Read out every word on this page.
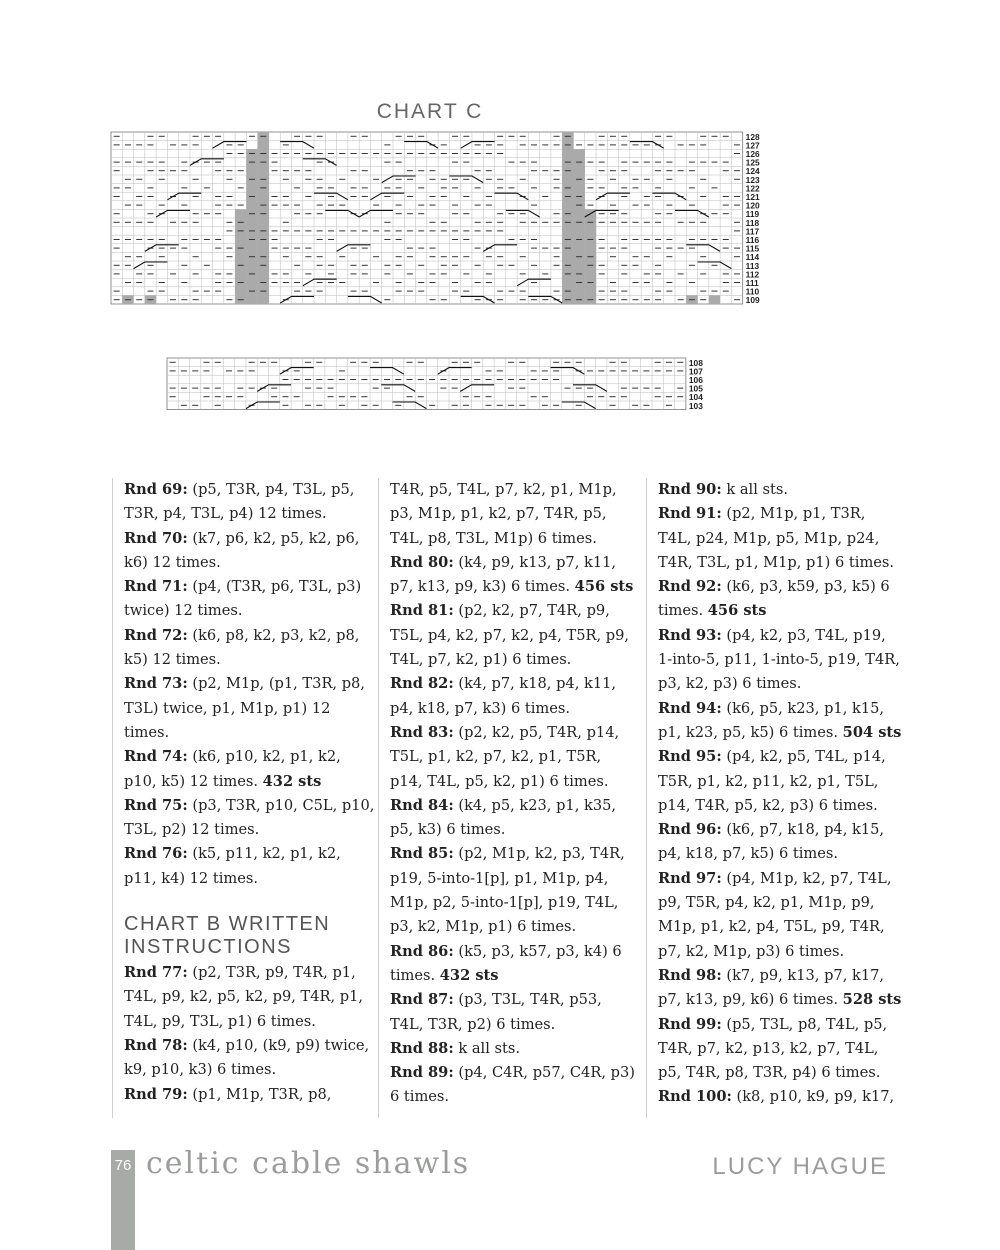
CHART C
128
127
126
125
124
123
122
121
120
119
118
117
116
115
114
113
112
111
110
109
108
107
106
105
104
103
Rnd 69: (p5, T3R, p4, T3L, p5, T3R, p4, T3L, p4) 12 times.
Rnd 70: (k7, p6, k2, p5, k2, p6, k6) 12 times.
Rnd 71: (p4, (T3R, p6, T3L, p3) twice) 12 times.
Rnd 72: (k6, p8, k2, p3, k2, p8, k5) 12 times.
Rnd 73: (p2, M1p, (p1, T3R, p8, T3L) twice, p1, M1p, p1) 12 times.
Rnd 74: (k6, p10, k2, p1, k2, p10, k5) 12 times. 432 sts
Rnd 75: (p3, T3R, p10, C5L, p10, T3L, p2) 12 times.
Rnd 76: (k5, p11, k2, p1, k2, p11, k4) 12 times.
CHART B WRITTEN INSTRUCTIONS
Rnd 77: (p2, T3R, p9, T4R, p1, T4L, p9, k2, p5, k2, p9, T4R, p1, T4L, p9, T3L, p1) 6 times.
Rnd 78: (k4, p10, (k9, p9) twice, k9, p10, k3) 6 times.
Rnd 79: (p1, M1p, T3R, p8,
T4R, p5, T4L, p7, k2, p1, M1p, p3, M1p, p1, k2, p7, T4R, p5, T4L, p8, T3L, M1p) 6 times.
Rnd 80: (k4, p9, k13, p7, k11, p7, k13, p9, k3) 6 times. 456 sts
Rnd 81: (p2, k2, p7, T4R, p9, T5L, p4, k2, p7, k2, p4, T5R, p9, T4L, p7, k2, p1) 6 times.
Rnd 82: (k4, p7, k18, p4, k11, p4, k18, p7, k3) 6 times.
Rnd 83: (p2, k2, p5, T4R, p14, T5L, p1, k2, p7, k2, p1, T5R, p14, T4L, p5, k2, p1) 6 times.
Rnd 84: (k4, p5, k23, p1, k35, p5, k3) 6 times.
Rnd 85: (p2, M1p, k2, p3, T4R, p19, 5-into-1[p], p1, M1p, p4, M1p, p2, 5-into-1[p], p19, T4L, p3, k2, M1p, p1) 6 times.
Rnd 86: (k5, p3, k57, p3, k4) 6 times. 432 sts
Rnd 87: (p3, T3L, T4R, p53, T4L, T3R, p2) 6 times.
Rnd 88: k all sts.
Rnd 89: (p4, C4R, p57, C4R, p3) 6 times.
Rnd 90: k all sts.
Rnd 91: (p2, M1p, p1, T3R, T4L, p24, M1p, p5, M1p, p24, T4R, T3L, p1, M1p, p1) 6 times.
Rnd 92: (k6, p3, k59, p3, k5) 6 times. 456 sts
Rnd 93: (p4, k2, p3, T4L, p19, 1-into-5, p11, 1-into-5, p19, T4R, p3, k2, p3) 6 times.
Rnd 94: (k6, p5, k23, p1, k15, p1, k23, p5, k5) 6 times. 504 sts
Rnd 95: (p4, k2, p5, T4L, p14, T5R, p1, k2, p11, k2, p1, T5L, p14, T4R, p5, k2, p3) 6 times.
Rnd 96: (k6, p7, k18, p4, k15, p4, k18, p7, k5) 6 times.
Rnd 97: (p4, M1p, k2, p7, T4L, p9, T5R, p4, k2, p1, M1p, p9, M1p, p1, k2, p4, T5L, p9, T4R, p7, k2, M1p, p3) 6 times.
Rnd 98: (k7, p9, k13, p7, k17, p7, k13, p9, k6) 6 times. 528 sts
Rnd 99: (p5, T3L, p8, T4L, p5, T4R, p7, k2, p13, k2, p7, T4L, p5, T4R, p8, T3R, p4) 6 times.
Rnd 100: (k8, p10, k9, p9, k17,
76 celtic cable shawls	LUCY HAGUE
